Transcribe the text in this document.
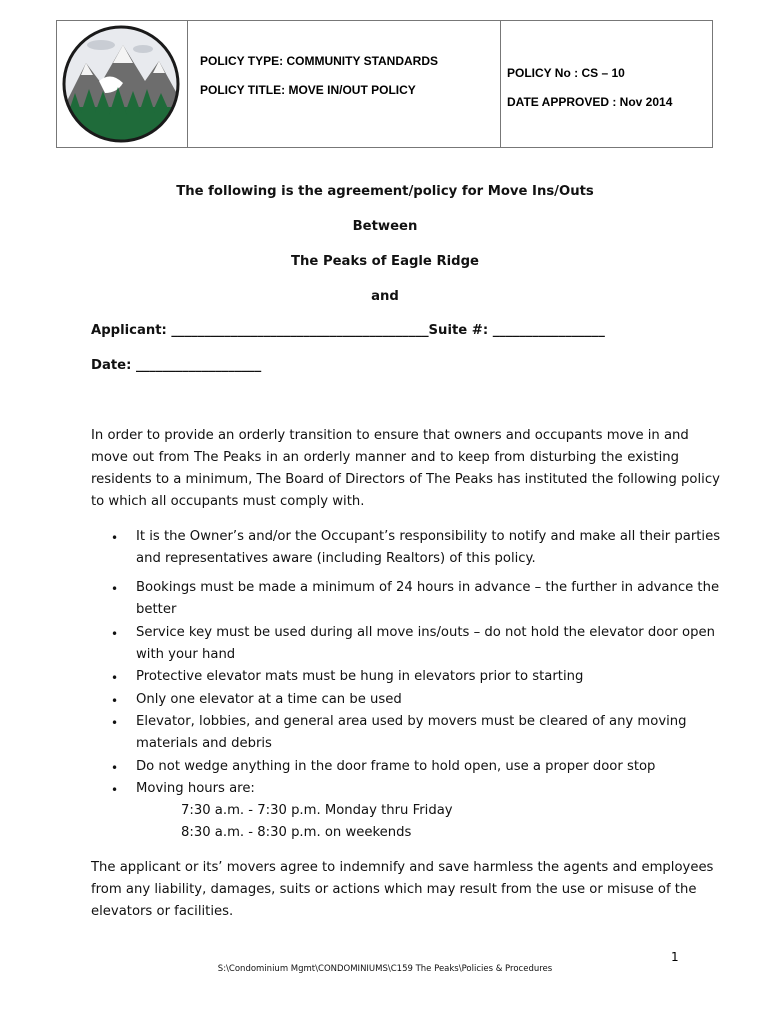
POLICY TYPE: COMMUNITY STANDARDS
POLICY TITLE: MOVE IN/OUT POLICY
POLICY No : CS – 10
DATE APPROVED : Nov 2014
The following is the agreement/policy for Move Ins/Outs
Between
The Peaks of Eagle Ridge
and
Applicant: _______________________________________Suite #: _________________
Date: ___________________
In order to provide an orderly transition to ensure that owners and occupants move in and
move out from The Peaks in an orderly manner and to keep from disturbing the existing
residents to a minimum, The Board of Directors of The Peaks has instituted the following policy
to which all occupants must comply with.
• It is the Owner’s and/or the Occupant’s responsibility to notify and make all their parties
and representatives aware (including Realtors) of this policy.
• Bookings must be made a minimum of 24 hours in advance – the further in advance the
better
• Service key must be used during all move ins/outs – do not hold the elevator door open
with your hand
• Protective elevator mats must be hung in elevators prior to starting
• Only one elevator at a time can be used
• Elevator, lobbies, and general area used by movers must be cleared of any moving
materials and debris
• Do not wedge anything in the door frame to hold open, use a proper door stop
• Moving hours are:
7:30 a.m. - 7:30 p.m. Monday thru Friday
8:30 a.m. - 8:30 p.m. on weekends
The applicant or its’ movers agree to indemnify and save harmless the agents and employees
from any liability, damages, suits or actions which may result from the use or misuse of the
elevators or facilities.
1
S:\Condominium Mgmt\CONDOMINIUMS\C159 The Peaks\Policies & Procedures
